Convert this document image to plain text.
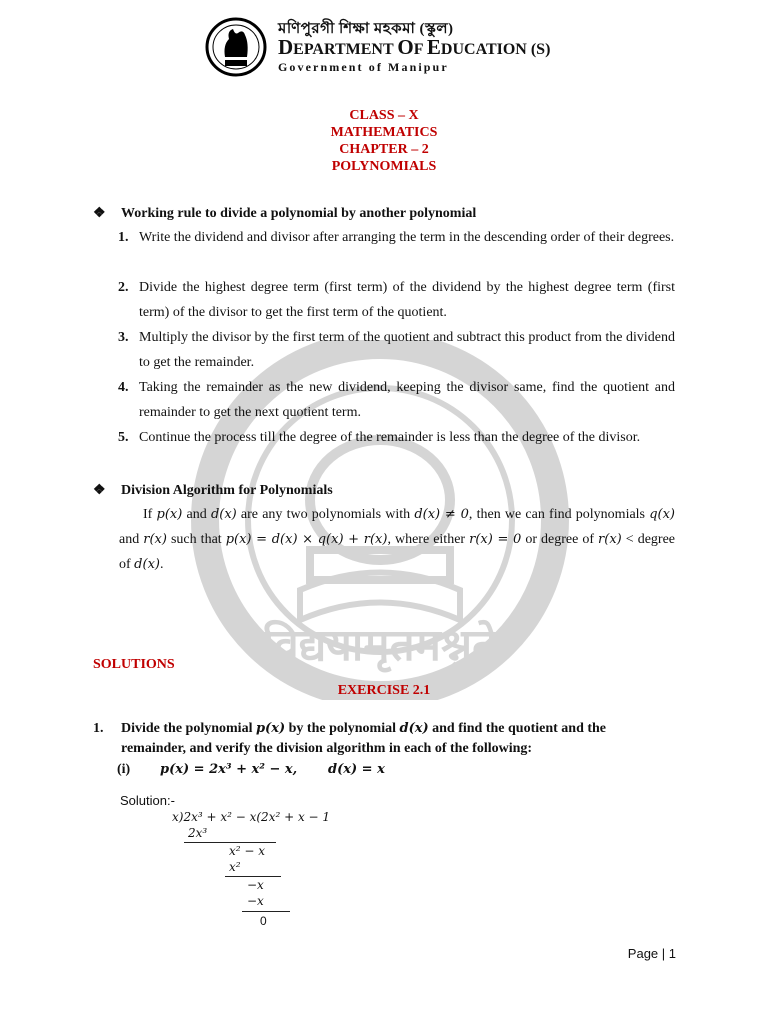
विद्ययामृतमश्नुते
মণিপুরগী শিক্ষা মহকমা (স্কুল)
DEPARTMENT OF EDUCATION (S)
Government of Manipur
CLASS – X
MATHEMATICS
CHAPTER – 2
POLYNOMIALS
❖ Working rule to divide a polynomial by another polynomial
1. Write the dividend and divisor after arranging the term in the descending order of their degrees.
2. Divide the highest degree term (first term) of the dividend by the highest degree term (first term) of the divisor to get the first term of the quotient.
3. Multiply the divisor by the first term of the quotient and subtract this product from the dividend to get the remainder.
4. Taking the remainder as the new dividend, keeping the divisor same, find the quotient and remainder to get the next quotient term.
5. Continue the process till the degree of the remainder is less than the degree of the divisor.
❖ Division Algorithm for Polynomials
If p(x) and d(x) are any two polynomials with d(x) ≠ 0, then we can find polynomials q(x) and r(x) such that p(x) = d(x) × q(x) + r(x), where either r(x) = 0 or degree of r(x) < degree of d(x).
SOLUTIONS
EXERCISE 2.1
1.	Divide the polynomial p(x) by the polynomial d(x) and find the quotient and the remainder, and verify the division algorithm in each of the following:
(i) p(x) = 2x³ + x² − x, d(x) = x
Solution:-
x)2x³ + x² − x(2x² + x − 1
2x³
x² − x
x²
−x
−x
0
Page | 1
